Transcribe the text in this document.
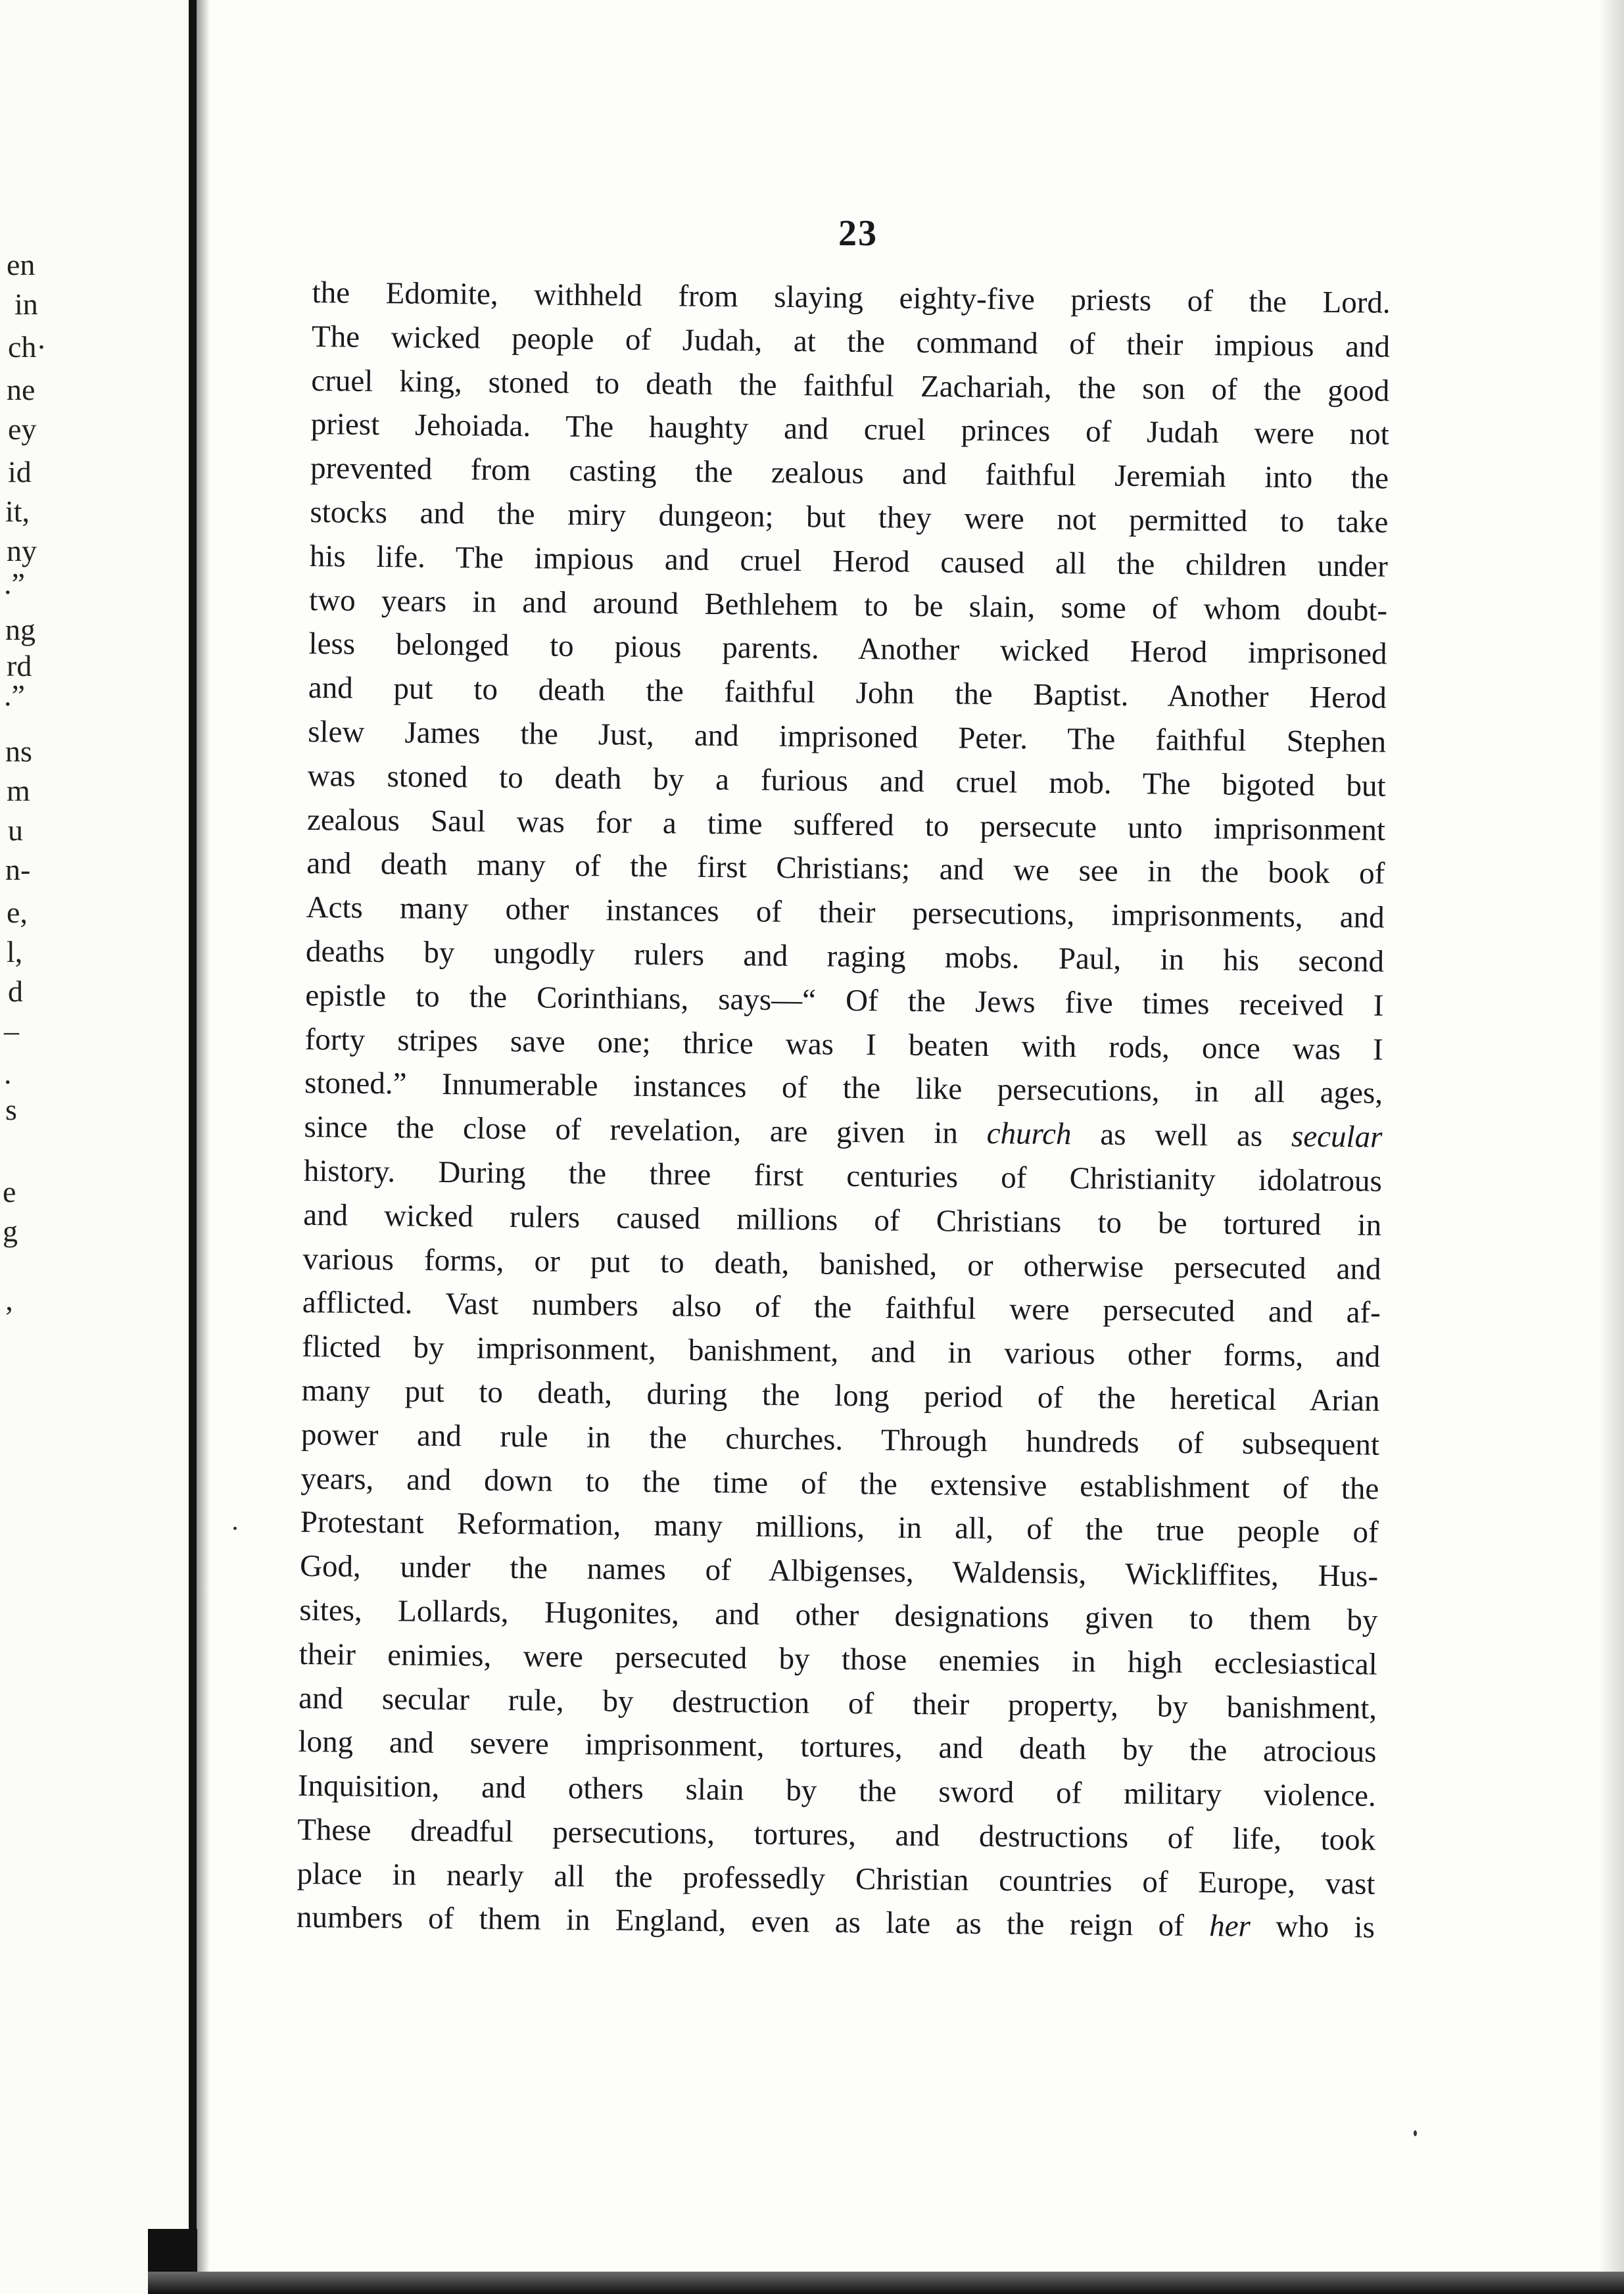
en
in
ch·
ne
ey
id
it,
ny
.”
ng
rd
.”
ns
m
u
n-
e,
l,
d
–
.
s
e
g
’
23
the Edomite, withheld from slaying eighty-five priests of the Lord.
The wicked people of Judah, at the command of their impious and
cruel king, stoned to death the faithful Zachariah, the son of the good
priest Jehoiada. The haughty and cruel princes of Judah were not
prevented from casting the zealous and faithful Jeremiah into the
stocks and the miry dungeon; but they were not permitted to take
his life. The impious and cruel Herod caused all the children under
two years in and around Bethlehem to be slain, some of whom doubt-
less belonged to pious parents. Another wicked Herod imprisoned
and put to death the faithful John the Baptist. Another Herod
slew James the Just, and imprisoned Peter. The faithful Stephen
was stoned to death by a furious and cruel mob. The bigoted but
zealous Saul was for a time suffered to persecute unto imprisonment
and death many of the first Christians; and we see in the book of
Acts many other instances of their persecutions, imprisonments, and
deaths by ungodly rulers and raging mobs. Paul, in his second
epistle to the Corinthians, says—“ Of the Jews five times received I
forty stripes save one; thrice was I beaten with rods, once was I
stoned.” Innumerable instances of the like persecutions, in all ages,
since the close of revelation, are given in church as well as secular
history. During the three first centuries of Christianity idolatrous
and wicked rulers caused millions of Christians to be tortured in
various forms, or put to death, banished, or otherwise persecuted and
afflicted. Vast numbers also of the faithful were persecuted and af-
flicted by imprisonment, banishment, and in various other forms, and
many put to death, during the long period of the heretical Arian
power and rule in the churches. Through hundreds of subsequent
years, and down to the time of the extensive establishment of the
Protestant Reformation, many millions, in all, of the true people of
God, under the names of Albigenses, Waldensis, Wickliffites, Hus-
sites, Lollards, Hugonites, and other designations given to them by
their enimies, were persecuted by those enemies in high ecclesiastical
and secular rule, by destruction of their property, by banishment,
long and severe imprisonment, tortures, and death by the atrocious
Inquisition, and others slain by the sword of military violence.
These dreadful persecutions, tortures, and destructions of life, took
place in nearly all the professedly Christian countries of Europe, vast
numbers of them in England, even as late as the reign of her who is
